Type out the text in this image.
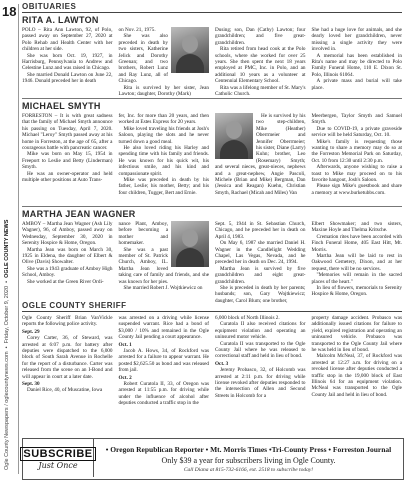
18
Ogle County Newspapers / oglecountynews.com  •  Friday, October 9, 2020  •  OGLE COUNTY NEWS
OBITUARIES
RITA A. LAWTON

POLO – Rita Ann Lawton, 92, of Polo, passed away on September 27, 2020 at Polo Rehab and Health Center with her children at her side.

She was born Oct. 19, 1927, in Harrisburg, Pennsylvania to Andrew and Celestine Lunz and was raised in Chicago.

She married Donald Lawton on June 22, 1946. Donald preceded her in death

on Nov. 21, 1975.

She was also preceded in death by two sisters, Katherine Jelick and Dorothy Greenan; and two brothers, Robert Lunz and Ray Lunz, all of Chicago.

Rita is survived by her sister, Jean Lawton; daughter, Dorothy (Mark)

Dusing; son, Dan (Cathy) Lawton; four grandchildren; and five great-grandchildren.

Rita retired from head cook at the Polo schools, where she worked for over 25 years. She then spent the next 18 years employed at PMC, Inc. in Polo, and an additional 10 years as a volunteer at Centennial Elementary School.

Rita was a lifelong member of St. Mary's Catholic Church.

She had a huge love for animals, and she dearly loved her grandchildren, never missing a single activity they were involved in.

A memorial has been established in Rita's name and may be directed to Polo Family Funeral Home, 110 E. Dixon St. Polo, Illinois 61064.

A private mass and burial will take place.

MICHAEL SMYTH

FORRESTON – It is with great sadness that the family of Michael Smyth announce his passing on Tuesday, April 7, 2020. Michael "Leroy" Smyth passed away at his home in Forreston, at the age of 65, after a courageous battle with pancreatic cancer.

Mike was born on May 15, 1954 in Freeport to Leslie and Betty (Linderman) Smyth.

He was an owner-operator and held multiple other positions at Auto Trans-

fer, Inc. for more than 20 years, and then worked at Estes Express for 20 years.

Mike loved traveling his friends at Josh's Saloon, playing the slots and he never turned down a good meal.

He also loved riding his Harley and spending time with his family and friends. He was known for his quick wit, his infectious smile, and his kind and compassionate spirit.

Mike was preceded in death by his father, Leslie; his mother, Betty; and his four children, Tugger, Bert and Ernie.

He is survived by his two step-children, Mike (Heather) Oberrmeier and Jennifer Oberrmeier; his sister, Diane (Larry) Kuhn; brother, Leo (Rosemary) Smyth; and several nieces, great-nieces, nephews and a great-nephew, Angie Pascoli, Michele (Brian and Mike) Bergman, Dan (Jessica and Reagan) Kuehn, Christian Smyth, Rachael (Micah and Miles) Van

Meerbergen, Taylor Smyth and Samuel Smyth.

Due to COVID-19, a private graveside service will be held Saturday, Oct. 10.

Mike's family is requesting those wanting to share a memory may do so at the Forreston Memorial Park on Saturday, Oct. 10 from 12:30 until 2:30 p.m.

Afterwards, anyone wishing to raise a toast to Mike may proceed on to his favorite hangout, Josh's Saloon.

Please sign Mike's guestbook and share a memory at www.burketubbs.com.

MARTHA JEAN WAGNER

AMBOY – Martha Jean Wagner (Ash Lily Wagner), 96, of Amboy, passed away on Wednesday, September 30, 2020 in Serenity Hospice & Home, Oregon.

Martha Jean was born on March 30, 1925 in Eldena, the daughter of Elbert & Olive (Davis) Showalter.

She was a 1943 graduate of Amboy High School, Amboy.

She worked at the Green River Ordi-

nance Plant, Amboy, before becoming a mother and homemaker.

She was a past member of St. Patrick Church, Amboy, IL. Martha Jean loved taking care of family and friends, and she was known for her pies.

She married Robert J. Wojtkiewicz on

Sept. 5, 1944 in St. Sebastian Church, Chicago, and he preceded her in death on April 4, 1983.

On May 6, 1987 she married Daniel H. Wagner in the Candlelight Wedding Chapel, Las Vegas, Nevada, and he preceded her in death on Dec. 24, 1994.

Martha Jean is survived by five grandchildren and eight great-grandchildren.

She is preceded in death by her parents; husbands; son, Gary Wojtkiewicz; daughter, Carol Blum; one brother,

Elbert Showmaker; and two sisters, Maxine Hoyle and Thelma Kritsche.

Cremation rites have been accorded with Finch Funeral Home, 405 East Hitt, Mt. Morris.

Martha Jean will be laid to rest in Oakwood Cemetery, Dixon, and at her request, there will be no services.

"Memories will remain in the sacred places of the heart."

In lieu of flowers, memorials to Serenity Hospice & Home, Oregon.

OGLE COUNTY SHERIFF

Ogle County Sheriff Brian VanVickle reports the following police activity.

Sept. 29

Corey Carter, 36, of Steward, was arrested at 6:07 p.m. for battery after deputies were dispatched to the 6,000 block of South Sarah Avenue in Rochelle for the report of a disturbance. Carter was released from the scene on an I-Bond and will appear in court at a later date.

Sept. 30

Daniel Rice, 40, of Muscatine, Iowa

was arrested on a driving while license suspended warrant. Rice had a bond of $3,000 / 10% and remained in the Ogle County Jail pending a court appearance.

Oct. 1

Jacob A. Hows, 34, of Rockford was arrested for a failure to appear warrant. He posted $2,625.50 as bond and was released from jail.

Oct. 2

Robert Curatola II, 33, of Oregon was arrested at 11:55 p.m. for driving while under the influence of alcohol after deputies conducted a traffic stop in the

6,000 block of North Illinois 2.

Curatola II also received citations for equipment violation and operating an uninsured motor vehicle.

Curatola II was transported to the Ogle County Jail where he was released to correctional staff and held in lieu of bond.

Oct. 3

Jeremy Probasco, 32, of Holcomb was arrested at 2:11 p.m. for driving while license revoked after deputies responded to the intersection of Allen and Second Streets in Holcomb for a

property damage accident. Probasco was additionally issued citations for failure to yield, expired registration and operating an uninsured vehicle. Probasco was transported to the Ogle County Jail where he was held in lieu of bond.

Malcolm McNeal, 37, of Rockford was arrested at 12:27 a.m. for driving on a revoked license after deputies conducted a traffic stop in the 19,000 block of East Illinois 64 for an equipment violation. McNeal was transported to the Ogle County Jail and held in lieu of bond.

SUBSCRIBE
Just Once
• Oregon Republican Reporter • Mt. Morris Times •Tri-County Press • Forreston Journal
Only $39 a year for subscribers living in Ogle County.
Call Diana at 815-732-6166, ext. 2518 to subscribe today!
